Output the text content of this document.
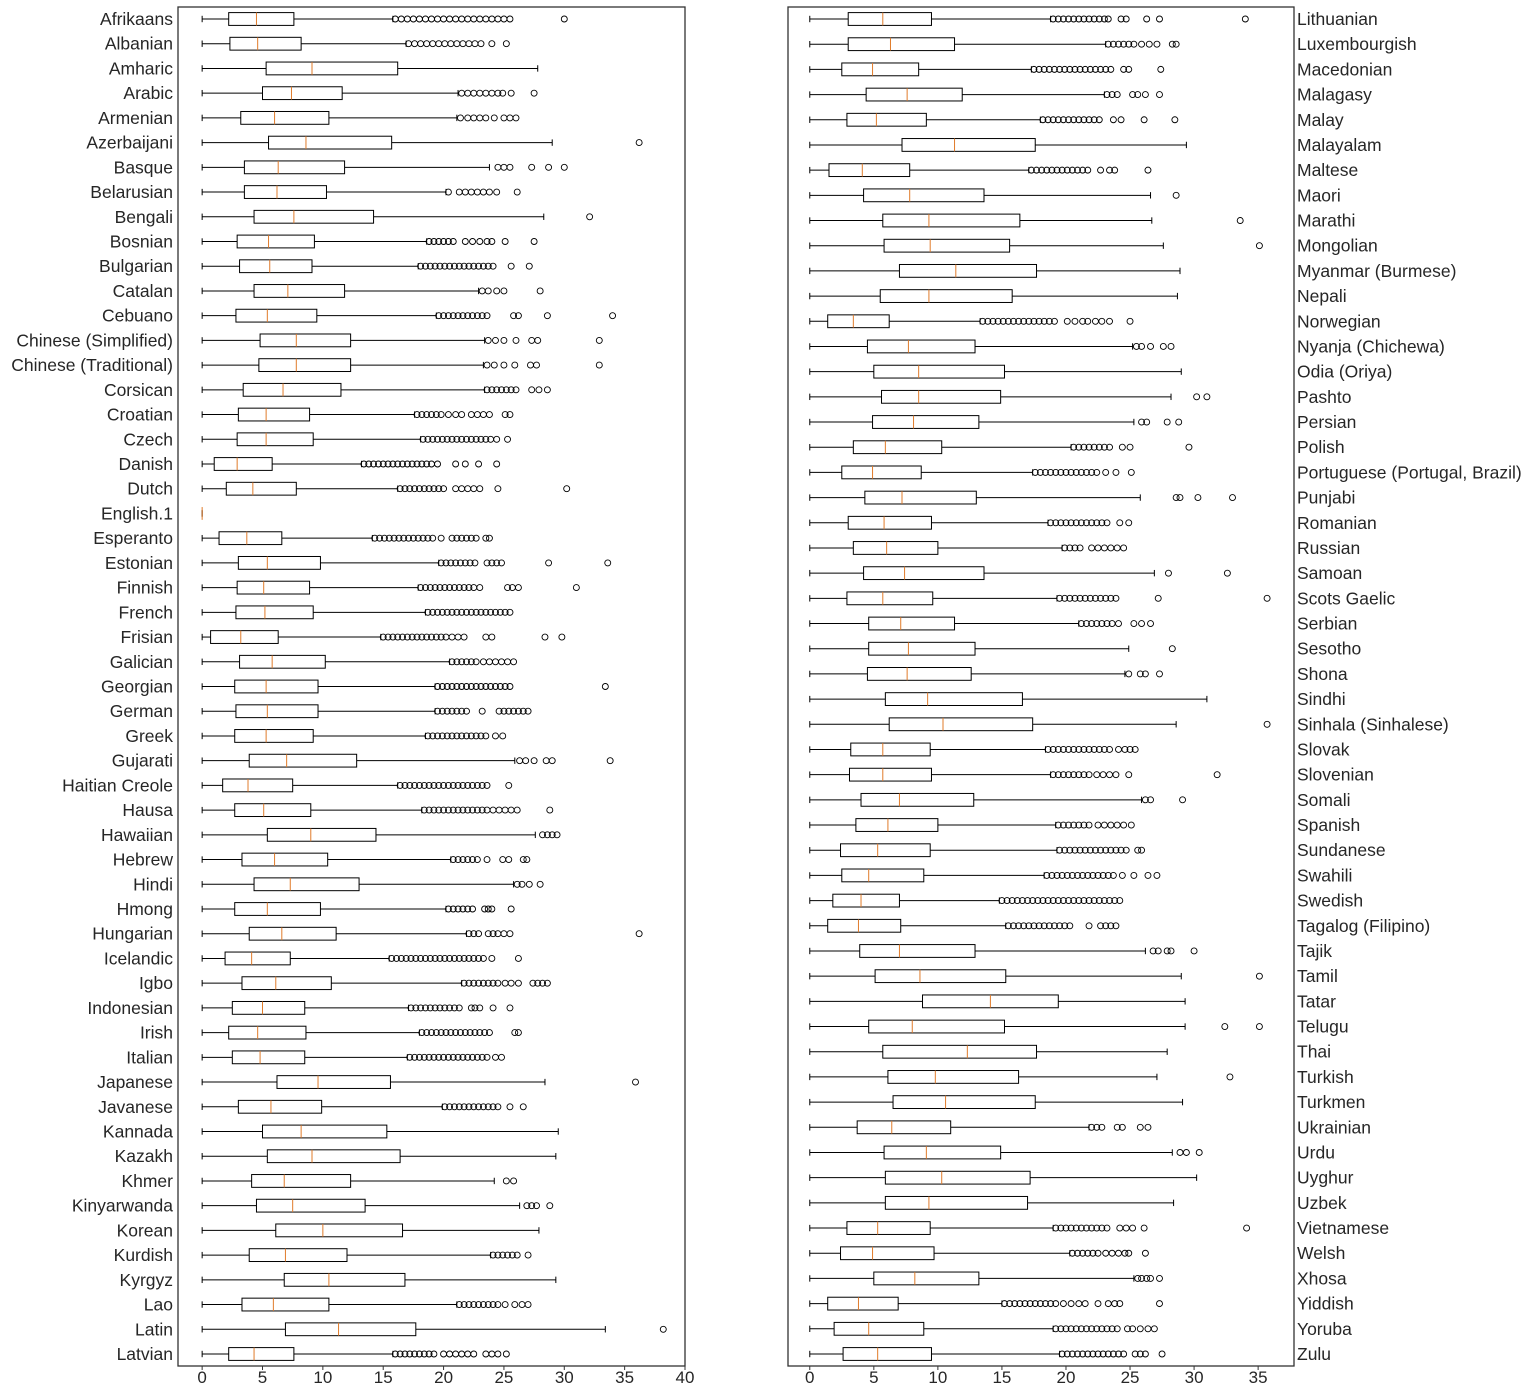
0	5	10 15 20 25 30 35 40
Afrikaans
Albanian
Amharic
Arabic
Armenian
Azerbaijani
Basque
Belarusian
Bengali
Bosnian
Bulgarian
Catalan
Cebuano
Chinese (Simplified)
Chinese (Traditional)
Corsican
Croatian
Czech
Danish
Dutch
English.1
Esperanto
Estonian
Finnish
French
Frisian
Galician
Georgian
German
Greek
Gujarati
Haitian Creole
Hausa
Hawaiian
Hebrew
Hindi
Hmong
Hungarian
Icelandic
Igbo
Indonesian
Irish
Italian
Japanese
Javanese
Kannada
Kazakh
Khmer
Kinyarwanda
Korean
Kurdish
Kyrgyz
Lao
Latin
Latvian
0	5	10	15	20	25	30	35
Lithuanian
Luxembourgish
Macedonian
Malagasy
Malay
Malayalam
Maltese
Maori
Marathi
Mongolian
Myanmar (Burmese)
Nepali
Norwegian
Nyanja (Chichewa)
Odia (Oriya)
Pashto
Persian
Polish
Portuguese (Portugal, Brazil)
Punjabi
Romanian
Russian
Samoan
Scots Gaelic
Serbian
Sesotho
Shona
Sindhi
Sinhala (Sinhalese)
Slovak
Slovenian
Somali
Spanish
Sundanese
Swahili
Swedish
Tagalog (Filipino)
Tajik
Tamil
Tatar
Telugu
Thai
Turkish
Turkmen
Ukrainian
Urdu
Uyghur
Uzbek
Vietnamese
Welsh
Xhosa
Yiddish
Yoruba
Zulu
